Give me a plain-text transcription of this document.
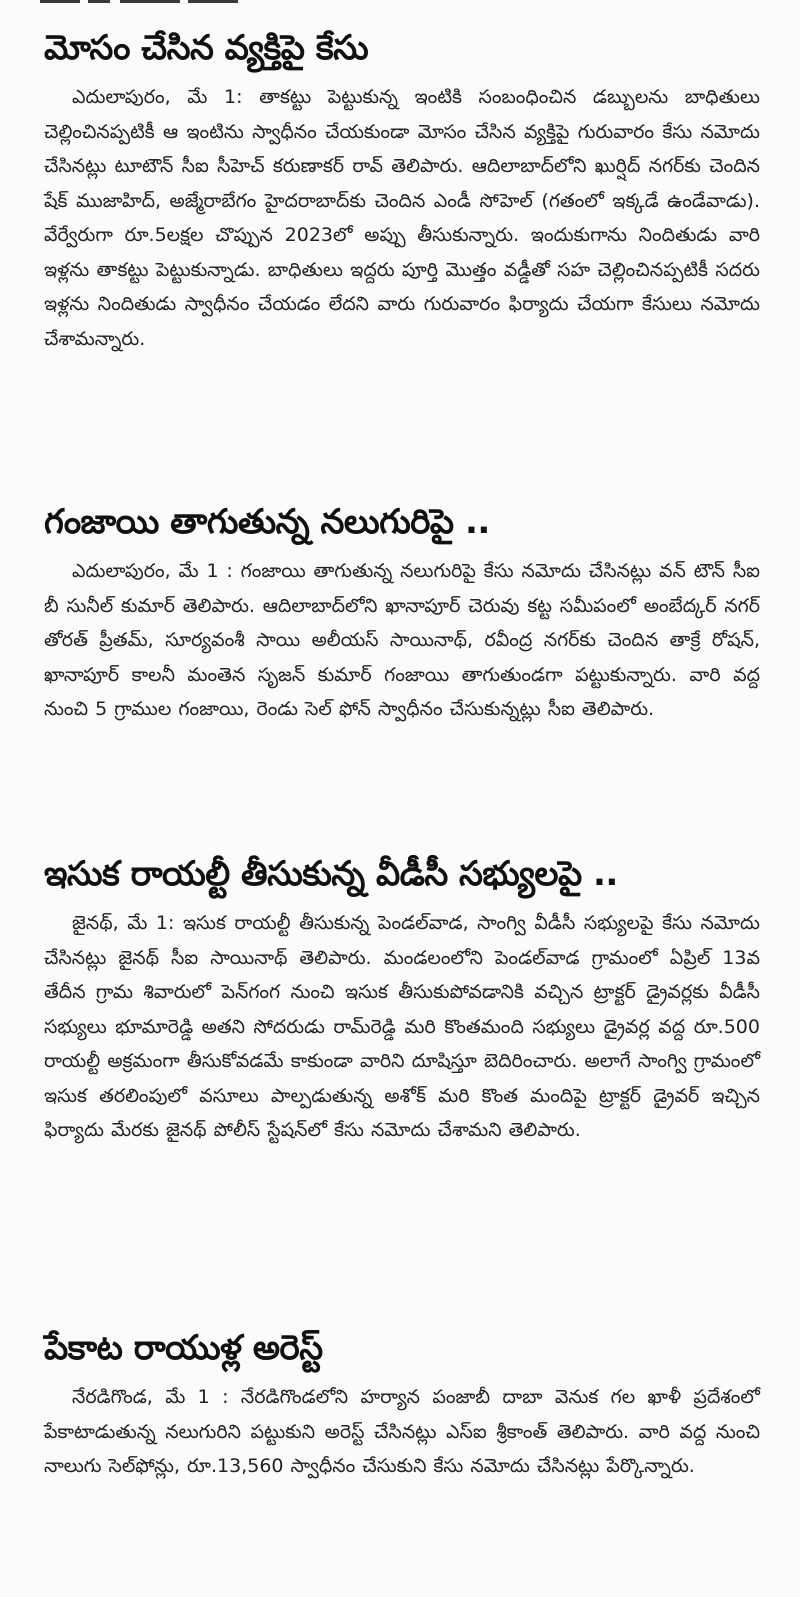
మోసం చేసిన వ్యక్తిపై కేసు

ఎదులాపురం, మే 1: తాకట్టు పెట్టుకున్న ఇంటికి సంబంధించిన డబ్బులను బాధితులు చెల్లించినప్పటికీ ఆ ఇంటిను స్వాధీనం చేయకుండా మోసం చేసిన వ్యక్తిపై గురువారం కేసు నమోదు చేసినట్లు టూటౌన్ సీఐ సీహెచ్ కరుణాకర్ రావ్ తెలిపారు. ఆదిలాబాద్‌లోని ఖుర్షిద్ నగర్‌కు చెందిన షేక్ ముజాహిద్, అజ్మేరాబేగం హైదరాబాద్‌కు చెందిన ఎండీ సోహెల్ (గతంలో ఇక్కడే ఉండేవాడు). వేర్వేరుగా రూ.5లక్షల చొప్పున 2023లో అప్పు తీసుకున్నారు. ఇందుకుగాను నిందితుడు వారి ఇళ్లను తాకట్టు పెట్టుకున్నాడు. బాధితులు ఇద్దరు పూర్తి మొత్తం వడ్డీతో సహ చెల్లించినప్పటికీ సదరు ఇళ్లను నిందితుడు స్వాధీనం చేయడం లేదని వారు గురువారం ఫిర్యాదు చేయగా కేసులు నమోదు చేశామన్నారు.

గంజాయి తాగుతున్న నలుగురిపై ..

ఎదులాపురం, మే 1 : గంజాయి తాగుతున్న నలుగురిపై కేసు నమోదు చేసినట్లు వన్ టౌన్ సీఐ బీ సునీల్ కుమార్ తెలిపారు. ఆదిలాబాద్‌లోని ఖానాపూర్ చెరువు కట్ట సమీపంలో అంబేద్కర్ నగర్ తోరత్ ప్రీతమ్, సూర్యవంశీ సాయి అలీయస్ సాయినాథ్, రవీంద్ర నగర్‌కు చెందిన తాక్రే రోషన్, ఖానాపూర్ కాలనీ మంతెన సృజన్ కుమార్ గంజాయి తాగుతుండగా పట్టుకున్నారు. వారి వద్ద నుంచి 5 గ్రాముల గంజాయి, రెండు సెల్ ఫోన్ స్వాధీనం చేసుకున్నట్లు సీఐ తెలిపారు.

ఇసుక రాయల్టీ తీసుకున్న వీడీసీ సభ్యులపై ..

జైనథ్, మే 1: ఇసుక రాయల్టీ తీసుకున్న పెండల్‌వాడ, సాంగ్వి వీడీసీ సభ్యులపై కేసు నమోదు చేసినట్లు జైనథ్ సీఐ సాయినాథ్ తెలిపారు. మండలంలోని పెండల్‌వాడ గ్రామంలో ఏప్రిల్ 13వ తేదీన గ్రామ శివారులో పెన్‌గంగ నుంచి ఇసుక తీసుకుపోవడానికి వచ్చిన ట్రాక్టర్ డ్రైవర్లకు వీడీసీ సభ్యులు భూమారెడ్డి అతని సోదరుడు రామ్‌రెడ్డి మరి కొంతమంది సభ్యులు డ్రైవర్ల వద్ద రూ.500 రాయల్టీ అక్రమంగా తీసుకోవడమే కాకుండా వారిని దూషిస్తూ బెదిరించారు. అలాగే సాంగ్వి గ్రామంలో ఇసుక తరలింపులో వసూలు పాల్పడుతున్న అశోక్ మరి కొంత మందిపై ట్రాక్టర్ డ్రైవర్ ఇచ్చిన ఫిర్యాదు మేరకు జైనథ్ పోలీస్ స్టేషన్‌లో కేసు నమోదు చేశామని తెలిపారు.

పేకాట రాయుళ్ల అరెస్ట్

నేరడిగొండ, మే 1 : నేరడిగొండలోని హర్యాన పంజాబీ దాబా వెనుక గల ఖాళీ ప్రదేశంలో పేకాటాడుతున్న నలుగురిని పట్టుకుని అరెస్ట్ చేసినట్లు ఎస్ఐ శ్రీకాంత్ తెలిపారు. వారి వద్ద నుంచి నాలుగు సెల్‌ఫోన్లు, రూ.13,560 స్వాధీనం చేసుకుని కేసు నమోదు చేసినట్లు పేర్కొన్నారు.
